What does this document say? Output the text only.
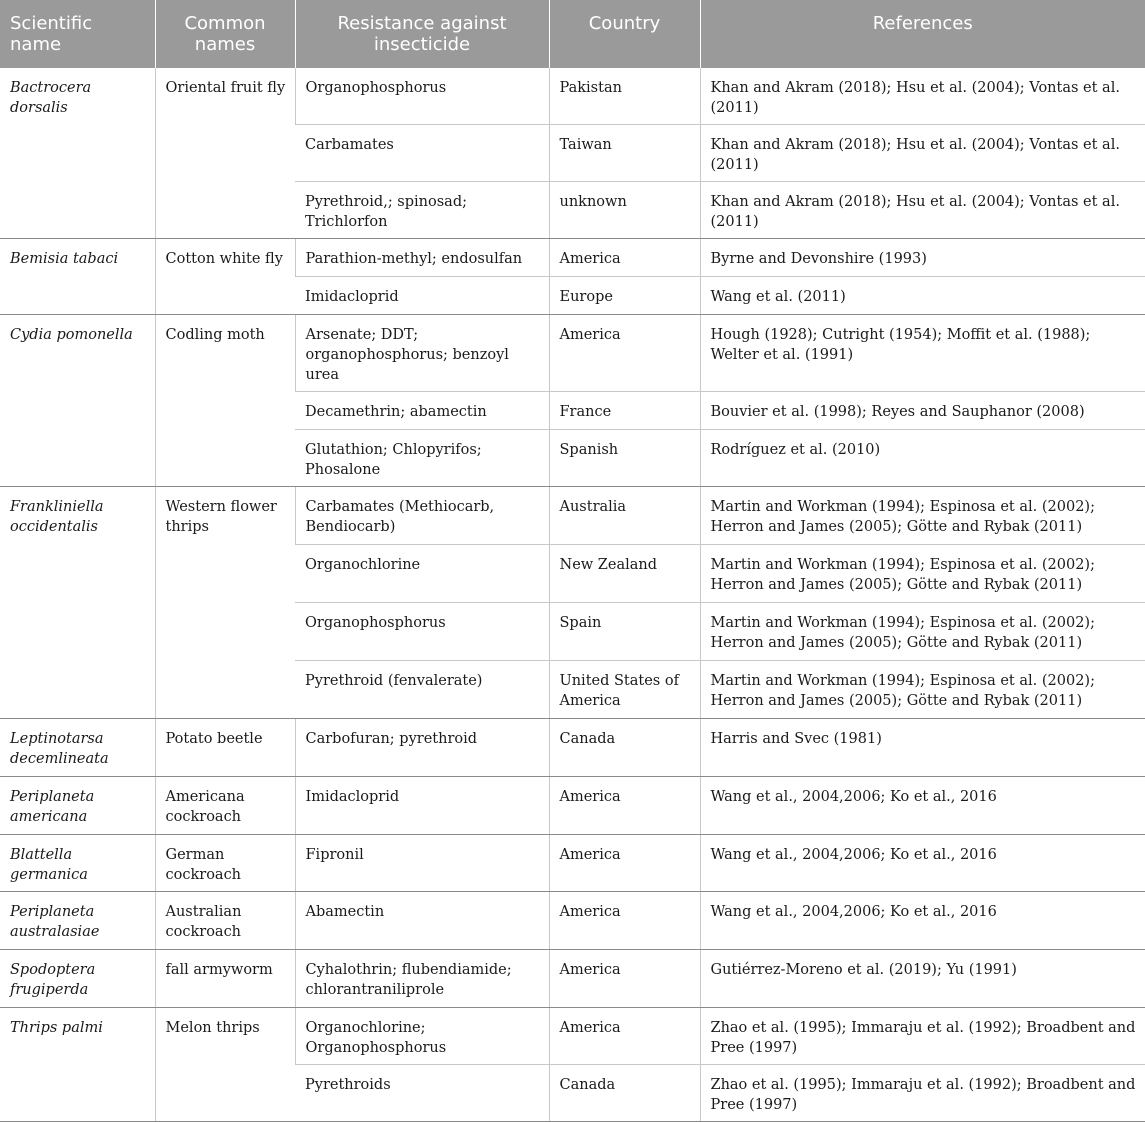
Scientific name	Common names	Resistance against insecticide	Country	References
Bactrocera dorsalis	Oriental fruit fly	Organophosphorus	Pakistan	Khan and Akram (2018); Hsu et al. (2004); Vontas et al. (2011)
		Carbamates	Taiwan	Khan and Akram (2018); Hsu et al. (2004); Vontas et al. (2011)
		Pyrethroid,; spinosad; Trichlorfon	unknown	Khan and Akram (2018); Hsu et al. (2004); Vontas et al. (2011)
Bemisia tabaci	Cotton white fly	Parathion-methyl; endosulfan	America	Byrne and Devonshire (1993)
		Imidacloprid	Europe	Wang et al. (2011)
Cydia pomonella	Codling moth	Arsenate; DDT; organophosphorus; benzoyl urea	America	Hough (1928); Cutright (1954); Moffit et al. (1988); Welter et al. (1991)
		Decamethrin; abamectin	France	Bouvier et al. (1998); Reyes and Sauphanor (2008)
		Glutathion; Chlopyrifos; Phosalone	Spanish	Rodríguez et al. (2010)
Frankliniella occidentalis	Western flower thrips	Carbamates (Methiocarb, Bendiocarb)	Australia	Martin and Workman (1994); Espinosa et al. (2002); Herron and James (2005); Götte and Rybak (2011)
		Organochlorine	New Zealand	Martin and Workman (1994); Espinosa et al. (2002); Herron and James (2005); Götte and Rybak (2011)
		Organophosphorus	Spain	Martin and Workman (1994); Espinosa et al. (2002); Herron and James (2005); Götte and Rybak (2011)
		Pyrethroid (fenvalerate)	United States of America	Martin and Workman (1994); Espinosa et al. (2002); Herron and James (2005); Götte and Rybak (2011)
Leptinotarsa decemlineata	Potato beetle	Carbofuran; pyrethroid	Canada	Harris and Svec (1981)
Periplaneta americana	Americana cockroach	Imidacloprid	America	Wang et al., 2004,2006; Ko et al., 2016
Blattella germanica	German cockroach	Fipronil	America	Wang et al., 2004,2006; Ko et al., 2016
Periplaneta australasiae	Australian cockroach	Abamectin	America	Wang et al., 2004,2006; Ko et al., 2016
Spodoptera frugiperda	fall armyworm	Cyhalothrin; flubendiamide; chlorantraniliprole	America	Gutiérrez-Moreno et al. (2019); Yu (1991)
Thrips palmi	Melon thrips	Organochlorine; Organophosphorus	America	Zhao et al. (1995); Immaraju et al. (1992); Broadbent and Pree (1997)
		Pyrethroids	Canada	Zhao et al. (1995); Immaraju et al. (1992); Broadbent and Pree (1997)
